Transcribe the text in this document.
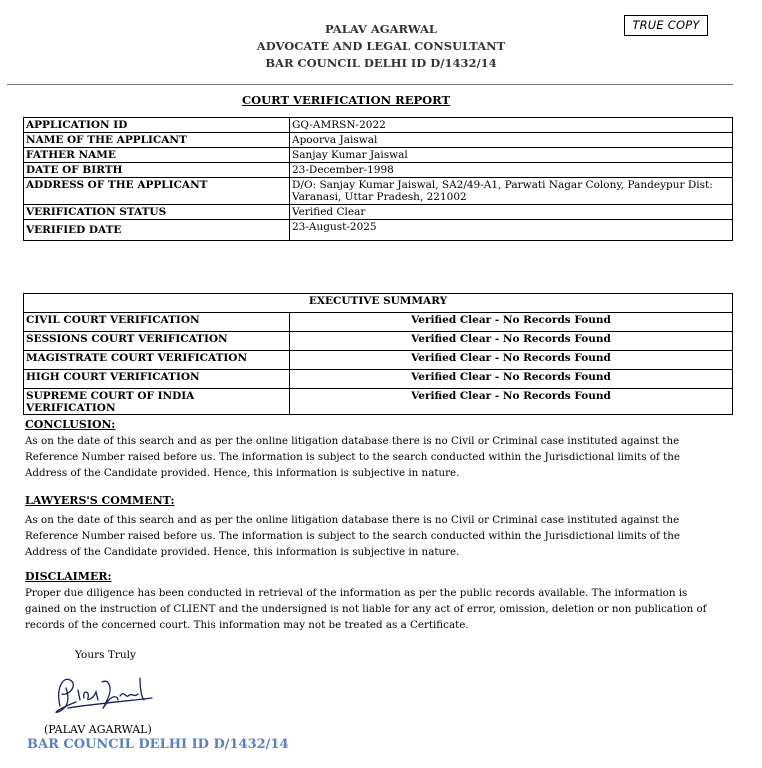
TRUE COPY
PALAV AGARWAL
ADVOCATE AND LEGAL CONSULTANT
BAR COUNCIL DELHI ID D/1432/14
COURT VERIFICATION REPORT
APPLICATION ID	GQ-AMRSN-2022
NAME OF THE APPLICANT	Apoorva Jaiswal
FATHER NAME	Sanjay Kumar Jaiswal
DATE OF BIRTH	23-December-1998
ADDRESS OF THE APPLICANT	D/O: Sanjay Kumar Jaiswal, SA2/49-A1, Parwati Nagar Colony, Pandeypur Dist: Varanasi, Uttar Pradesh, 221002
VERIFICATION STATUS	Verified Clear
VERIFIED DATE	23-August-2025
EXECUTIVE SUMMARY	
CIVIL COURT VERIFICATION	Verified Clear - No Records Found
SESSIONS COURT VERIFICATION	Verified Clear - No Records Found
MAGISTRATE COURT VERIFICATION	Verified Clear - No Records Found
HIGH COURT VERIFICATION	Verified Clear - No Records Found
SUPREME COURT OF INDIA VERIFICATION	Verified Clear - No Records Found
CONCLUSION:
As on the date of this search and as per the online litigation database there is no Civil or Criminal case instituted against the Reference Number raised before us. The information is subject to the search conducted within the Jurisdictional limits of the Address of the Candidate provided. Hence, this information is subjective in nature.
LAWYERS'S COMMENT:
As on the date of this search and as per the online litigation database there is no Civil or Criminal case instituted against the Reference Number raised before us. The information is subject to the search conducted within the Jurisdictional limits of the Address of the Candidate provided. Hence, this information is subjective in nature.
DISCLAIMER:
Proper due diligence has been conducted in retrieval of the information as per the public records available. The information is gained on the instruction of CLIENT and the undersigned is not liable for any act of error, omission, deletion or non publication of records of the concerned court. This information may not be treated as a Certificate.
Yours Truly
(PALAV AGARWAL)
BAR COUNCIL DELHI ID D/1432/14
